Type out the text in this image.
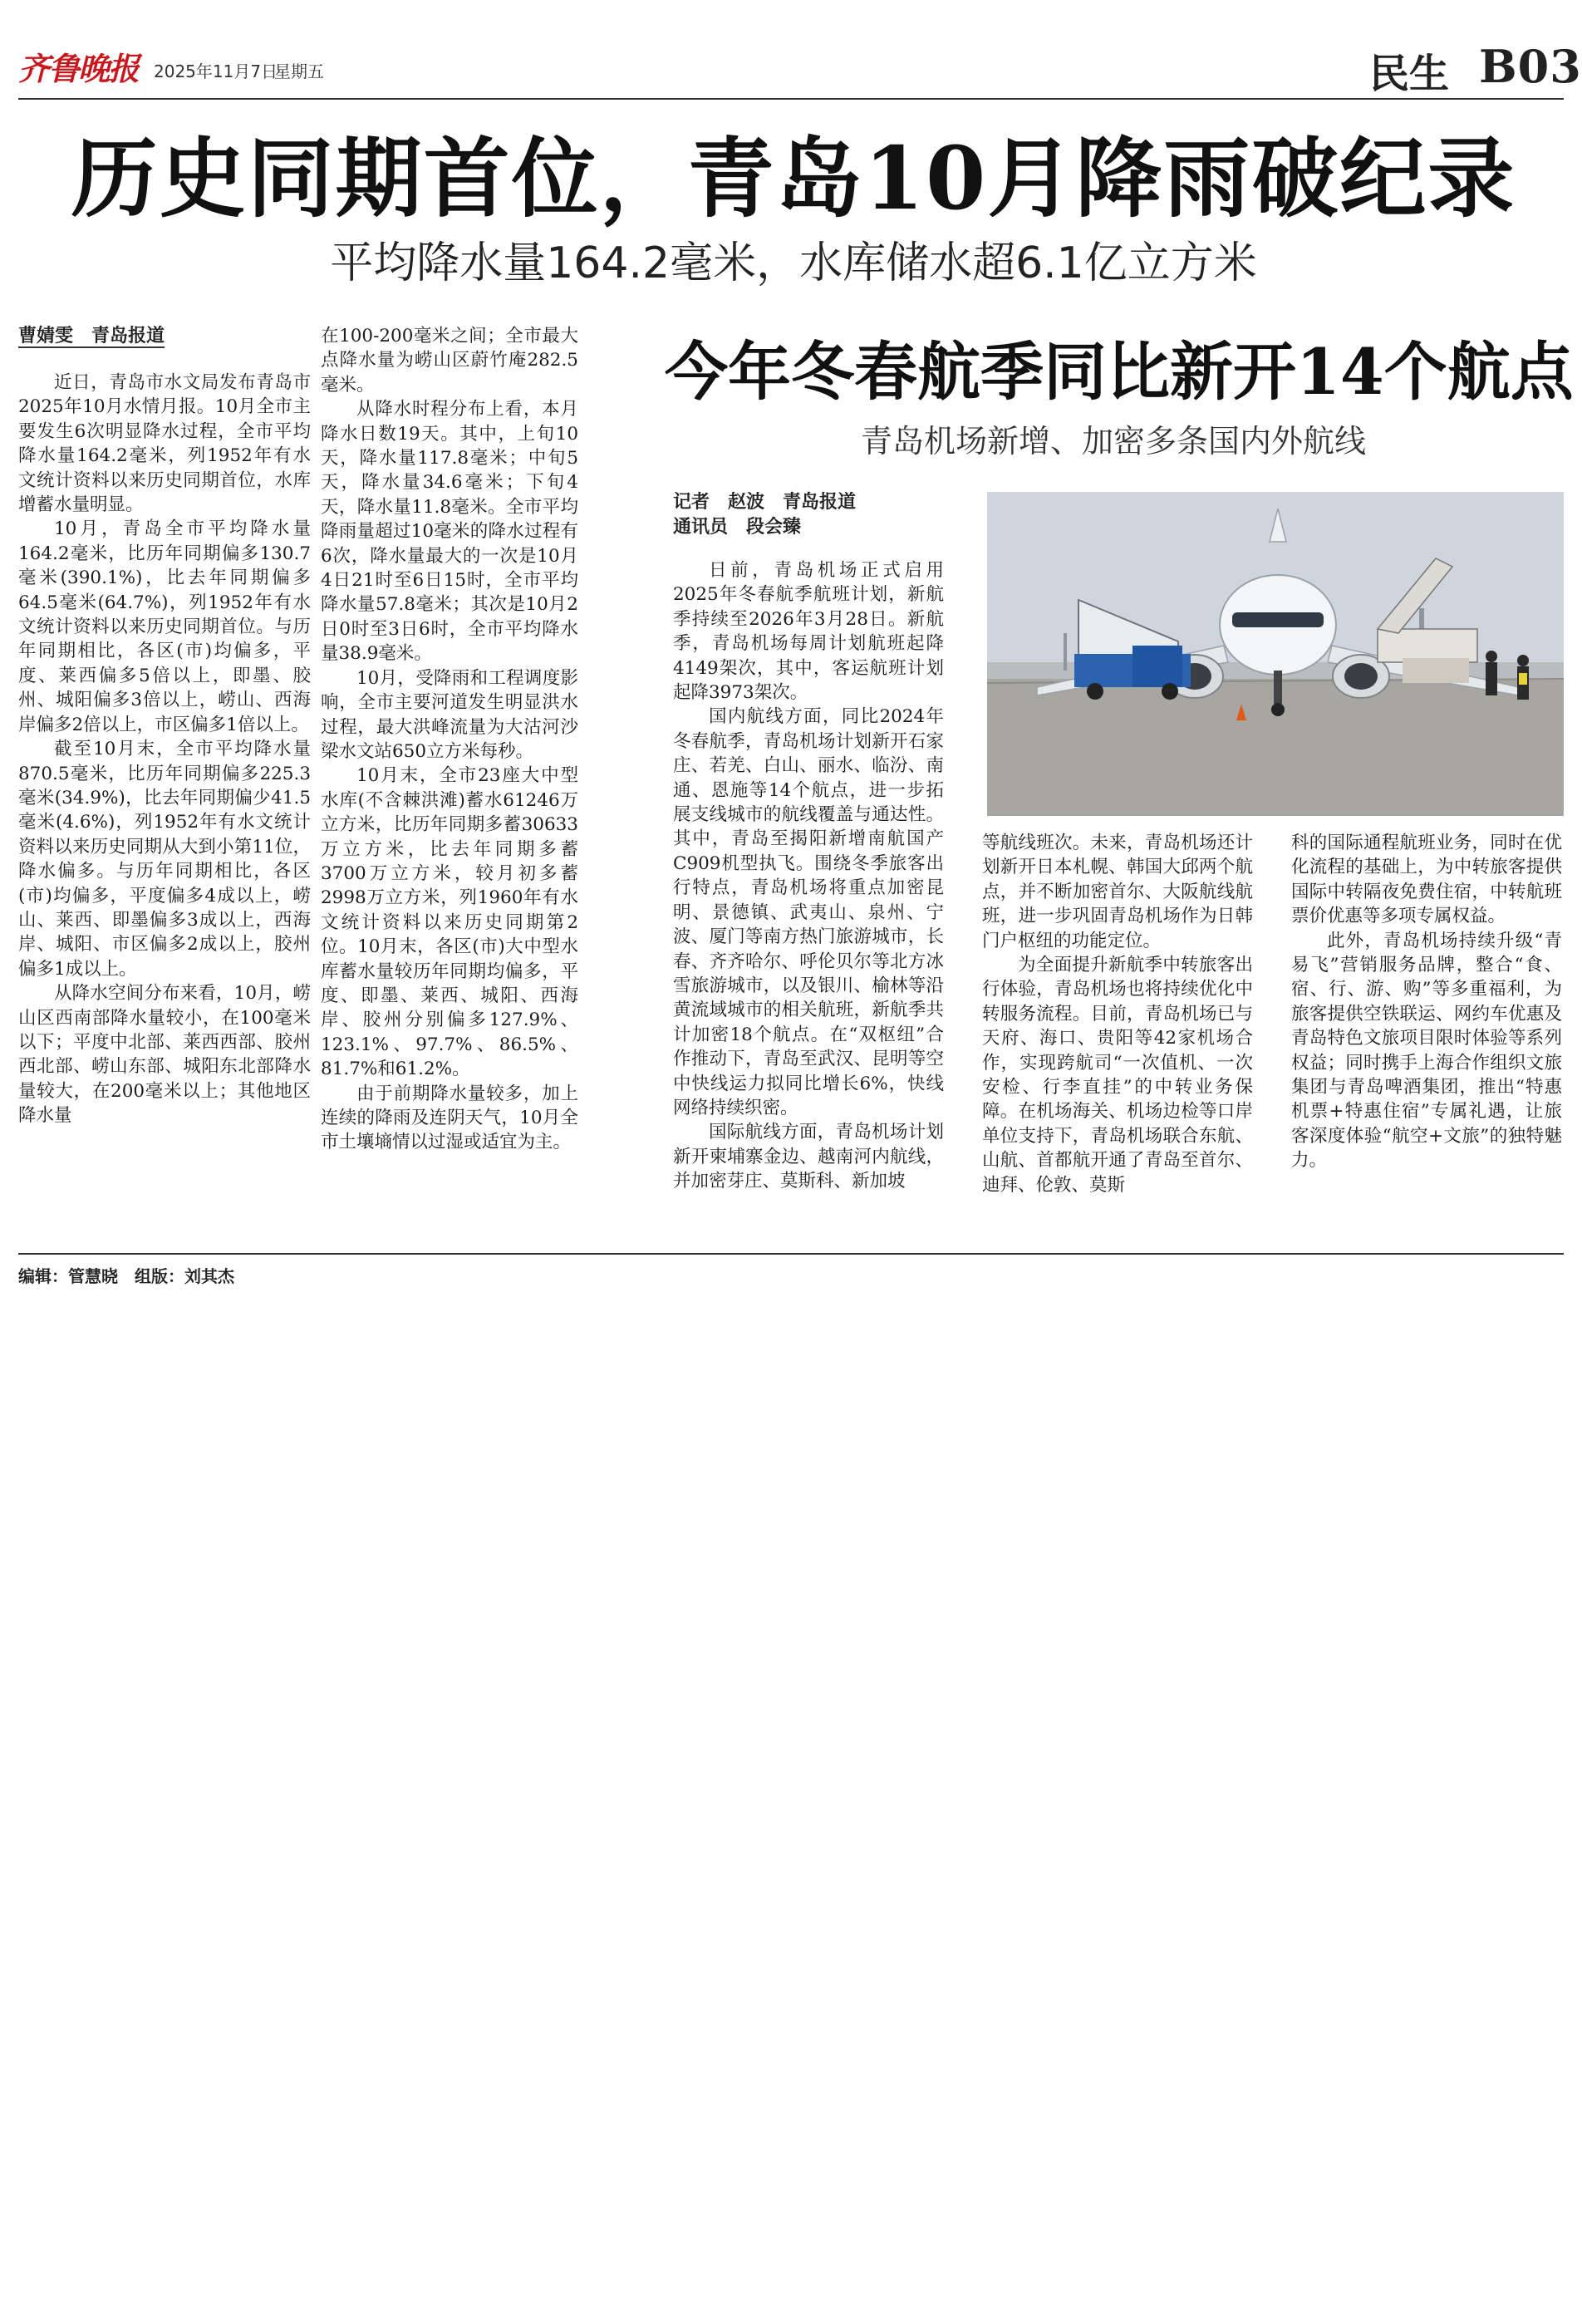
齐鲁晚报 2025年11月7日
星期五	民生 B03
历史同期首位，青岛10月降雨破纪录
平均降水量164.2毫米，水库储水超6.1亿立方米
曹婧雯　青岛报道

近日，青岛市水文局发布青岛市2025年10月水情月报。10月全市主要发生6次明显降水过程，全市平均降水量164.2毫米，列1952年有水文统计资料以来历史同期首位，水库增蓄水量明显。

10月，青岛全市平均降水量164.2毫米，比历年同期偏多130.7毫米(390.1%)，比去年同期偏多64.5毫米(64.7%)，列1952年有水文统计资料以来历史同期首位。与历年同期相比，各区(市)均偏多，平度、莱西偏多5倍以上，即墨、胶州、城阳偏多3倍以上，崂山、西海岸偏多2倍以上，市区偏多1倍以上。

截至10月末，全市平均降水量870.5毫米，比历年同期偏多225.3毫米(34.9%)，比去年同期偏少41.5毫米(4.6%)，列1952年有水文统计资料以来历史同期从大到小第11位，降水偏多。与历年同期相比，各区(市)均偏多，平度偏多4成以上，崂山、莱西、即墨偏多3成以上，西海岸、城阳、市区偏多2成以上，胶州偏多1成以上。

从降水空间分布来看，10月，崂山区西南部降水量较小，在100毫米以下；平度中北部、莱西西部、胶州西北部、崂山东部、城阳东北部降水量较大，在200毫米以上；其他地区降水量

在100-200毫米之间；全市最大点降水量为崂山区蔚竹庵282.5毫米。

从降水时程分布上看，本月降水日数19天。其中，上旬10天，降水量117.8毫米；中旬5天，降水量34.6毫米；下旬4天，降水量11.8毫米。全市平均降雨量超过10毫米的降水过程有6次，降水量最大的一次是10月4日21时至6日15时，全市平均降水量57.8毫米；其次是10月2日0时至3日6时，全市平均降水量38.9毫米。

10月，受降雨和工程调度影响，全市主要河道发生明显洪水过程，最大洪峰流量为大沽河沙梁水文站650立方米每秒。

10月末，全市23座大中型水库(不含棘洪滩)蓄水61246万立方米，比历年同期多蓄30633万立方米，比去年同期多蓄3700万立方米，较月初多蓄2998万立方米，列1960年有水文统计资料以来历史同期第2位。10月末，各区(市)大中型水库蓄水量较历年同期均偏多，平度、即墨、莱西、城阳、西海岸、胶州分别偏多127.9%、123.1%、97.7%、86.5%、81.7%和61.2%。

由于前期降水量较多，加上连续的降雨及连阴天气，10月全市土壤墒情以过湿或适宜为主。

今年冬春航季同比新开14个航点
青岛机场新增、加密多条国内外航线
记者　赵波　青岛报道
通讯员　段会臻

日前，青岛机场正式启用2025年冬春航季航班计划，新航季持续至2026年3月28日。新航季，青岛机场每周计划航班起降4149架次，其中，客运航班计划起降3973架次。

国内航线方面，同比2024年冬春航季，青岛机场计划新开石家庄、若羌、白山、丽水、临汾、南通、恩施等14个航点，进一步拓展支线城市的航线覆盖与通达性。其中，青岛至揭阳新增南航国产C909机型执飞。围绕冬季旅客出行特点，青岛机场将重点加密昆明、景德镇、武夷山、泉州、宁波、厦门等南方热门旅游城市，长春、齐齐哈尔、呼伦贝尔等北方冰雪旅游城市，以及银川、榆林等沿黄流域城市的相关航班，新航季共计加密18个航点。在“双枢纽”合作推动下，青岛至武汉、昆明等空中快线运力拟同比增长6%，快线网络持续织密。

国际航线方面，青岛机场计划新开柬埔寨金边、越南河内航线，并加密芽庄、莫斯科、新加坡

等航线班次。未来，青岛机场还计划新开日本札幌、韩国大邱两个航点，并不断加密首尔、大阪航线航班，进一步巩固青岛机场作为日韩门户枢纽的功能定位。

为全面提升新航季中转旅客出行体验，青岛机场也将持续优化中转服务流程。目前，青岛机场已与天府、海口、贵阳等42家机场合作，实现跨航司“一次值机、一次安检、行李直挂”的中转业务保障。在机场海关、机场边检等口岸单位支持下，青岛机场联合东航、山航、首都航开通了青岛至首尔、迪拜、伦敦、莫斯

科的国际通程航班业务，同时在优化流程的基础上，为中转旅客提供国际中转隔夜免费住宿，中转航班票价优惠等多项专属权益。

此外，青岛机场持续升级“青易飞”营销服务品牌，整合“食、宿、行、游、购”等多重福利，为旅客提供空铁联运、网约车优惠及青岛特色文旅项目限时体验等系列权益；同时携手上海合作组织文旅集团与青岛啤酒集团，推出“特惠机票+特惠住宿”专属礼遇，让旅客深度体验“航空+文旅”的独特魅力。

编辑：管慧晓　组版：刘其杰
